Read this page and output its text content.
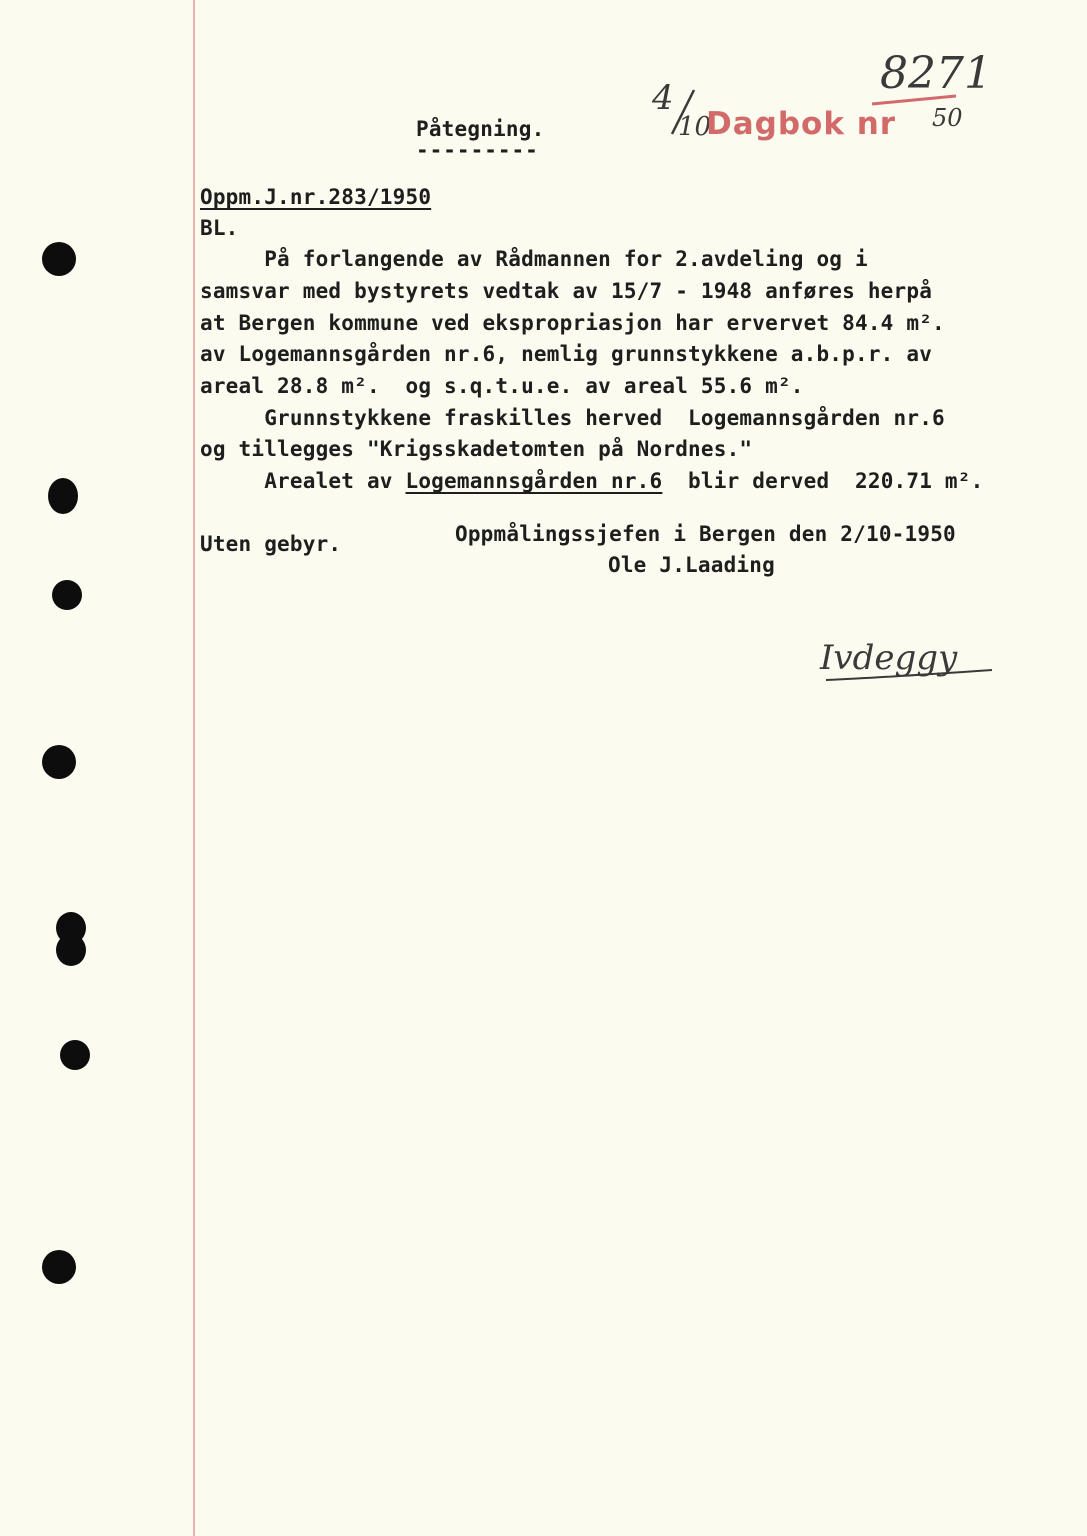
4
10
Dagbok nr
8271
50
Påtegning.
---------
Oppm.J.nr.283/1950
BL.
På forlangende av Rådmannen for 2.avdeling og i
samsvar med bystyrets vedtak av 15/7 - 1948 anføres herpå
at Bergen kommune ved ekspropriasjon har ervervet 84.4 m².
av Logemannsgården nr.6, nemlig grunnstykkene a.b.p.r. av
areal 28.8 m².  og s.q.t.u.e. av areal 55.6 m².
Grunnstykkene fraskilles herved  Logemannsgården nr.6
og tillegges "Krigsskadetomten på Nordnes."
Arealet av Logemannsgården nr.6  blir derved  220.71 m².
Uten gebyr.	Oppmålingssjefen i Bergen den 2/10-1950
Ole J.Laading
Ivdeggy
